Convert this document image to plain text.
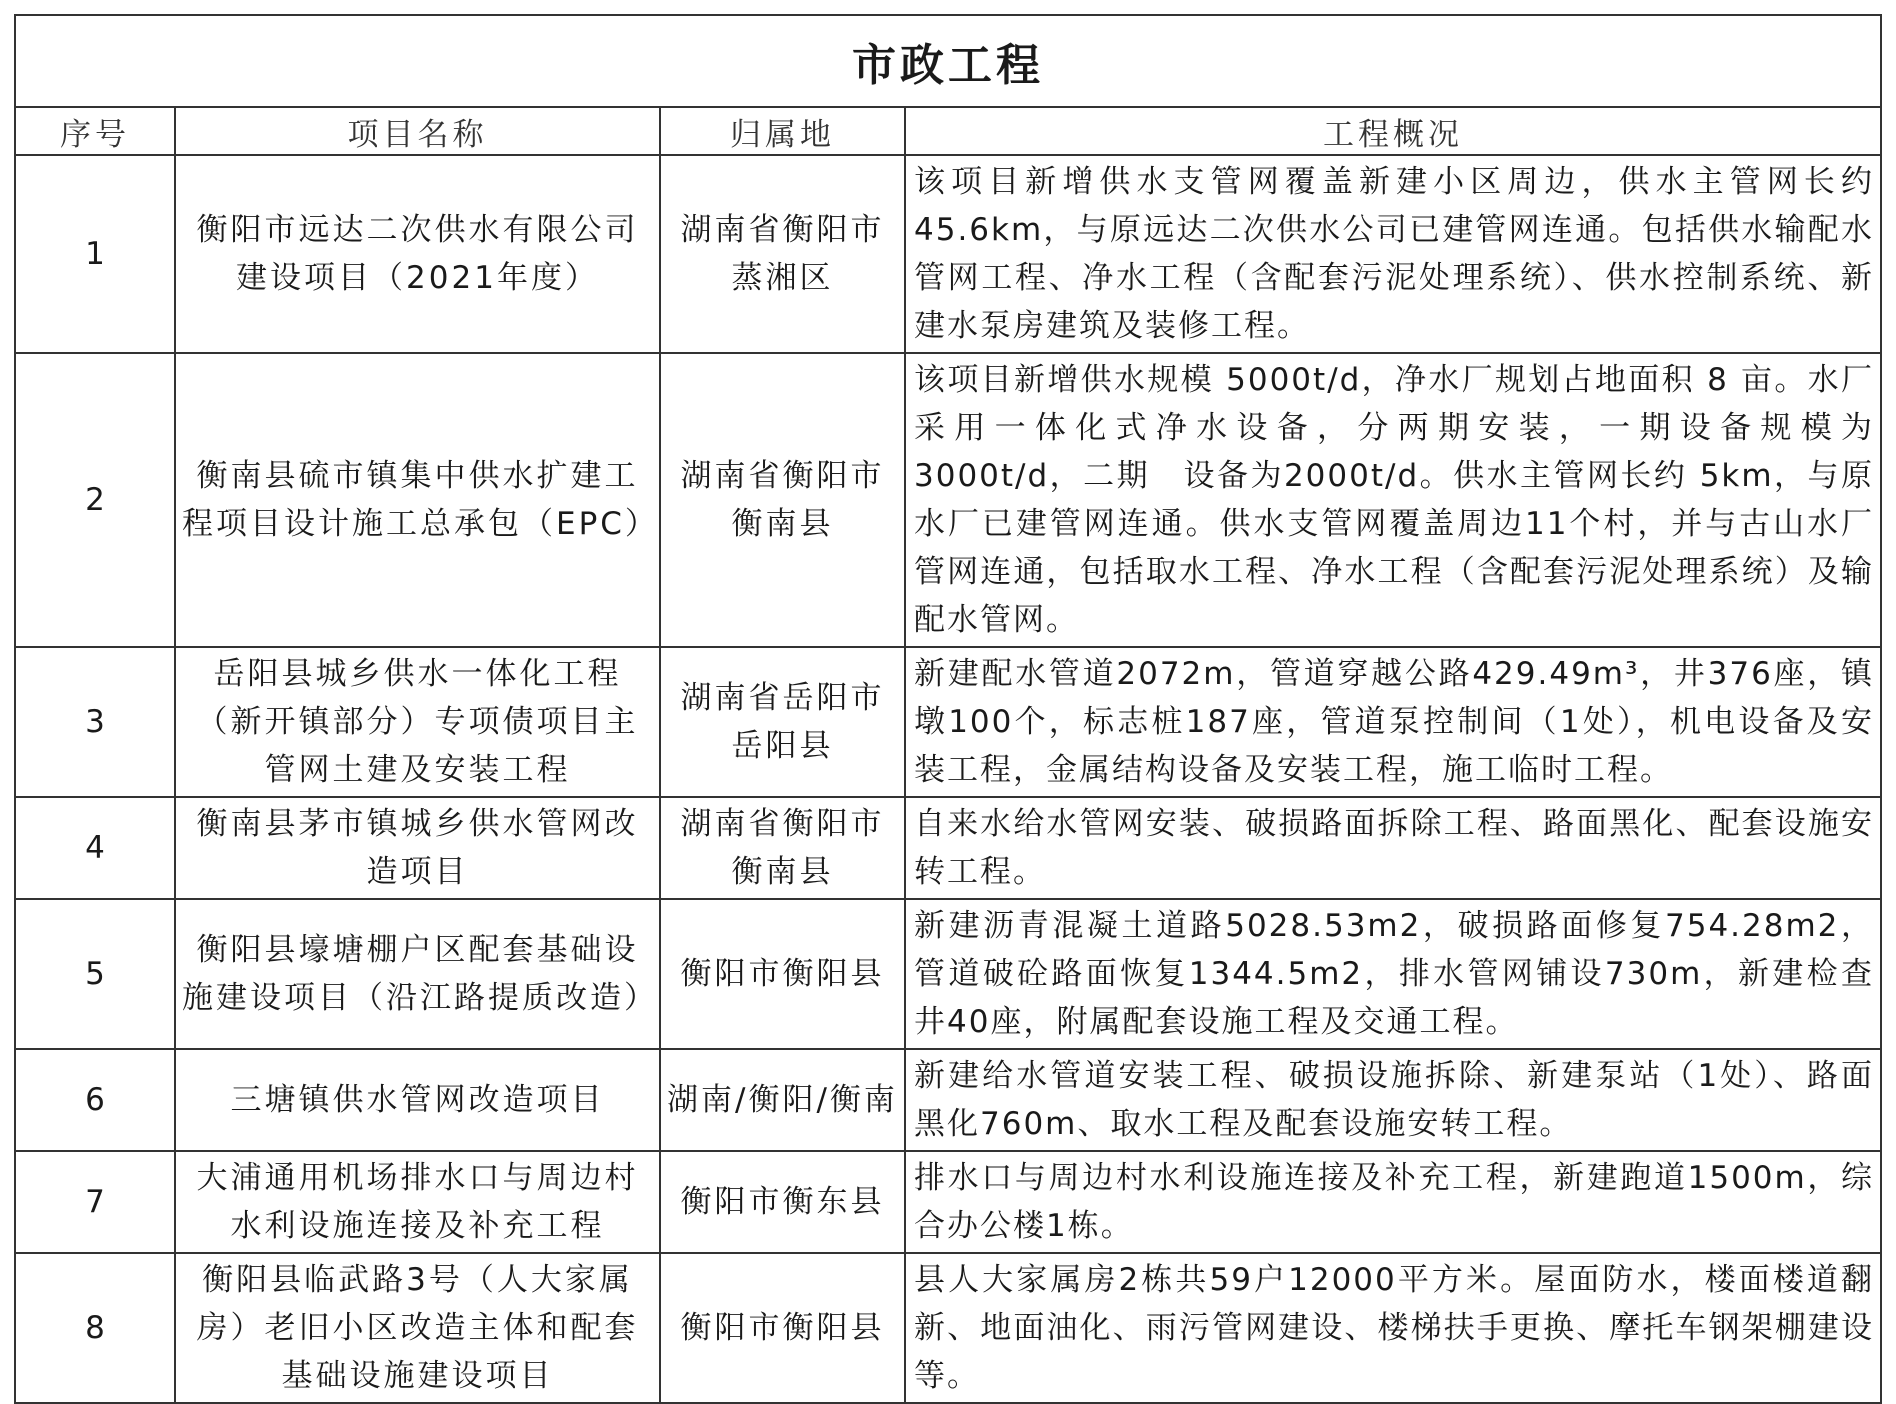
市政工程			
序号	项目名称	归属地	工程概况
1	衡阳市远达二次供水有限公司建设项目（2021年度）	湖南省衡阳市蒸湘区	该项目新增供水支管网覆盖新建小区周边，供水主管网长约45.6km，与原远达二次供水公司已建管网连通。包括供水输配水管网工程、净水工程（含配套污泥处理系统）、供水控制系统、新建水泵房建筑及装修工程。
2	衡南县硫市镇集中供水扩建工程项目设计施工总承包（EPC）	湖南省衡阳市衡南县	该项目新增供水规模 5000t/d，净水厂规划占地面积 8 亩。水厂采用一体化式净水设备，分两期安装，一期设备规模为3000t/d，二期　设备为2000t/d。供水主管网长约 5km，与原水厂已建管网连通。供水支管网覆盖周边11个村，并与古山水厂管网连通，包括取水工程、净水工程（含配套污泥处理系统）及输配水管网。
3	岳阳县城乡供水一体化工程（新开镇部分）专项债项目主管网土建及安装工程	湖南省岳阳市岳阳县	新建配水管道2072m，管道穿越公路429.49m³，井376座，镇墩100个，标志桩187座，管道泵控制间（1处），机电设备及安装工程，金属结构设备及安装工程，施工临时工程。
4	衡南县茅市镇城乡供水管网改造项目	湖南省衡阳市衡南县	自来水给水管网安装、破损路面拆除工程、路面黑化、配套设施安转工程。
5	衡阳县壕塘棚户区配套基础设施建设项目（沿江路提质改造）	衡阳市衡阳县	新建沥青混凝土道路5028.53m2，破损路面修复754.28m2，管道破砼路面恢复1344.5m2，排水管网铺设730m，新建检查井40座，附属配套设施工程及交通工程。
6	三塘镇供水管网改造项目	湖南/衡阳/衡南	新建给水管道安装工程、破损设施拆除、新建泵站（1处）、路面黑化760m、取水工程及配套设施安转工程。
7	大浦通用机场排水口与周边村水利设施连接及补充工程	衡阳市衡东县	排水口与周边村水利设施连接及补充工程，新建跑道1500m，综合办公楼1栋。
8	衡阳县临武路3号（人大家属房）老旧小区改造主体和配套基础设施建设项目	衡阳市衡阳县	县人大家属房2栋共59户12000平方米。屋面防水，楼面楼道翻新、地面油化、雨污管网建设、楼梯扶手更换、摩托车钢架棚建设等。
